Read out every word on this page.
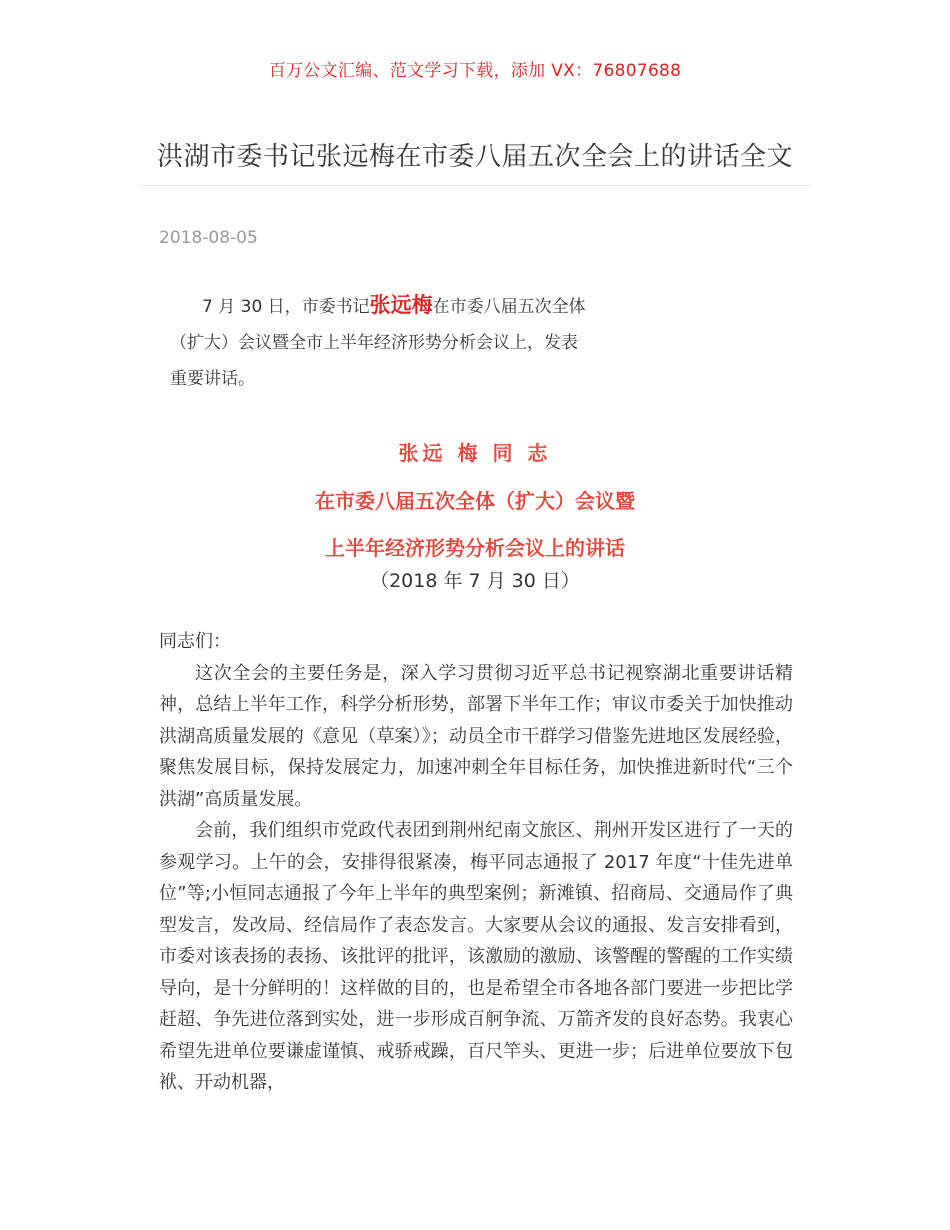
百万公文汇编、范文学习下载，添加 VX：76807688
洪湖市委书记张远梅在市委八届五次全会上的讲话全文
2018-08-05
7 月 30 日，市委书记张远梅在市委八届五次全体
（扩大）会议暨全市上半年经济形势分析会议上，发表
重要讲话。
张远 梅 同 志
在市委八届五次全体（扩大）会议暨
上半年经济形势分析会议上的讲话
（2018 年 7 月 30 日）

同志们：

这次全会的主要任务是，深入学习贯彻习近平总书记视察湖北重要讲话精神，总结上半年工作，科学分析形势，部署下半年工作；审议市委关于加快推动洪湖高质量发展的《意见（草案）》；动员全市干群学习借鉴先进地区发展经验，聚焦发展目标，保持发展定力，加速冲刺全年目标任务，加快推进新时代“三个洪湖”高质量发展。

会前，我们组织市党政代表团到荆州纪南文旅区、荆州开发区进行了一天的参观学习。上午的会，安排得很紧凑，梅平同志通报了 2017 年度“十佳先进单位”等;小恒同志通报了今年上半年的典型案例；新滩镇、招商局、交通局作了典型发言，发改局、经信局作了表态发言。大家要从会议的通报、发言安排看到，市委对该表扬的表扬、该批评的批评，该激励的激励、该警醒的警醒的工作实绩导向，是十分鲜明的！这样做的目的，也是希望全市各地各部门要进一步把比学赶超、争先进位落到实处，进一步形成百舸争流、万箭齐发的良好态势。我衷心希望先进单位要谦虚谨慎、戒骄戒躁，百尺竿头、更进一步；后进单位要放下包袱、开动机器，
